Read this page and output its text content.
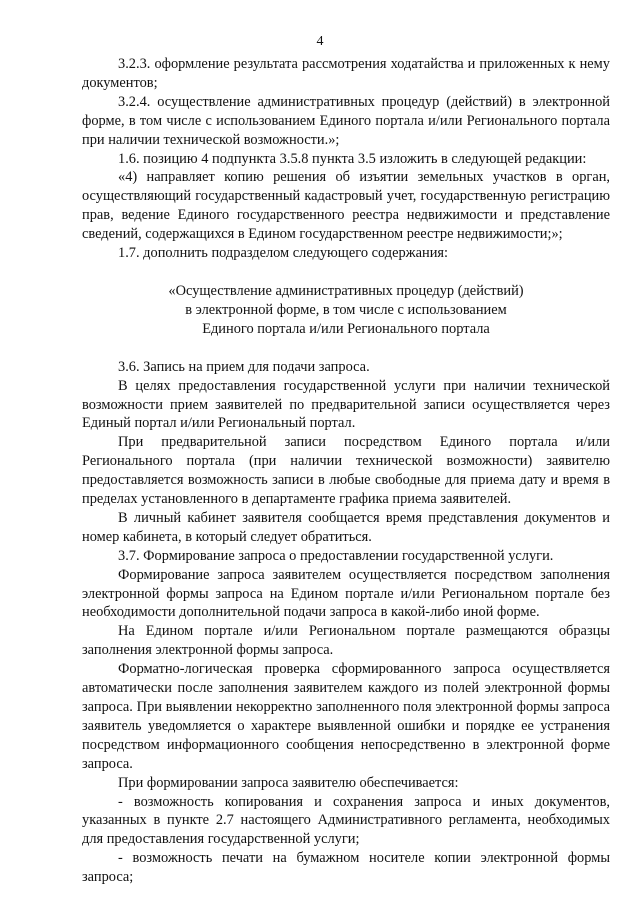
4

3.2.3. оформление результата рассмотрения ходатайства и приложенных к нему документов;

3.2.4. осуществление административных процедур (действий) в электронной форме, в том числе с использованием Единого портала и/или Регионального портала при наличии технической возможности.»;

1.6. позицию 4 подпункта 3.5.8 пункта 3.5 изложить в следующей редакции:

«4) направляет копию решения об изъятии земельных участков в орган, осуществляющий государственный кадастровый учет, государственную регистрацию прав, ведение Единого государственного реестра недвижимости и представление сведений, содержащихся в Едином государственном реестре недвижимости;»;

1.7. дополнить подразделом следующего содержания:

«Осуществление административных процедур (действий)
в электронной форме, в том числе с использованием
Единого портала и/или Регионального портала

3.6. Запись на прием для подачи запроса.

В целях предоставления государственной услуги при наличии технической возможности прием заявителей по предварительной записи осуществляется через Единый портал и/или Региональный портал.

При предварительной записи посредством Единого портала и/или Регионального портала (при наличии технической возможности) заявителю предоставляется возможность записи в любые свободные для приема дату и время в пределах установленного в департаменте графика приема заявителей.

В личный кабинет заявителя сообщается время представления документов и номер кабинета, в который следует обратиться.

3.7. Формирование запроса о предоставлении государственной услуги.

Формирование запроса заявителем осуществляется посредством заполнения электронной формы запроса на Едином портале и/или Региональном портале без необходимости дополнительной подачи запроса в какой-либо иной форме.

На Едином портале и/или Региональном портале размещаются образцы заполнения электронной формы запроса.

Форматно-логическая проверка сформированного запроса осуществляется автоматически после заполнения заявителем каждого из полей электронной формы запроса. При выявлении некорректно заполненного поля электронной формы запроса заявитель уведомляется о характере выявленной ошибки и порядке ее устранения посредством информационного сообщения непосредственно в электронной форме запроса.

При формировании запроса заявителю обеспечивается:

- возможность копирования и сохранения запроса и иных документов, указанных в пункте 2.7 настоящего Административного регламента, необходимых для предоставления государственной услуги;

- возможность печати на бумажном носителе копии электронной формы запроса;
